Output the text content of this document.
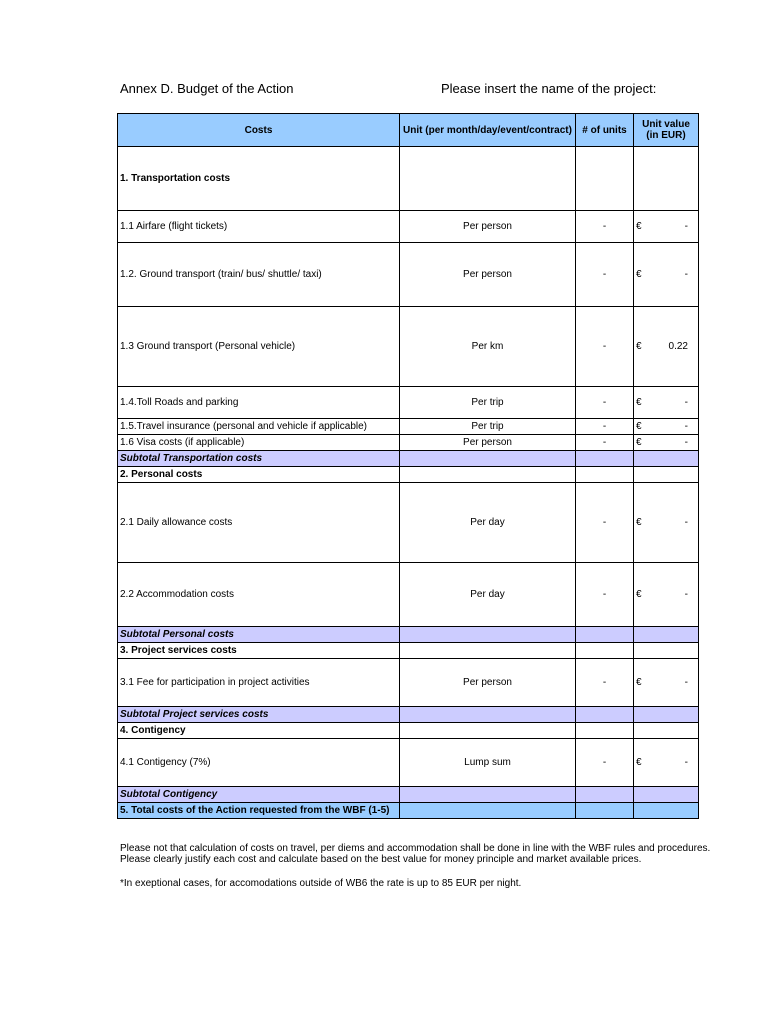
Annex D. Budget of the Action	Please insert the name of the project:
Costs	Unit (per month/day/event/contract)	# of units	Unit value (in EUR)
1. Transportation costs			
1.1 Airfare (flight tickets)	Per person	-	€ -

1.2. Ground transport (train/ bus/ shuttle/ taxi)	Per person	-	€ -

1.3 Ground transport (Personal vehicle)	Per km	-	€ 0.22

1.4.Toll Roads and parking	Per trip	-	€ -

1.5.Travel insurance (personal and vehicle if applicable)	Per trip	-	€ -

1.6 Visa costs (if applicable)	Per person	-	€ -

Subtotal Transportation costs			
2. Personal costs			
2.1 Daily allowance costs	Per day	-	€ -

2.2 Accommodation costs	Per day	-	€ -

Subtotal Personal costs			
3. Project services costs			
3.1 Fee for participation in project activities	Per person	-	€ -

Subtotal Project services costs			
4. Contigency			
4.1 Contigency (7%)	Lump sum	-	€ -

Subtotal Contigency			
5. Total costs of the Action requested from the WBF (1-5)			

Please not that calculation of costs on travel, per diems and accommodation shall be done in line with the WBF rules and procedures.

Please clearly justify each cost and calculate based on the best value for money principle and market available prices.

*In exeptional cases, for accomodations outside of WB6 the rate is up to 85 EUR per night.
